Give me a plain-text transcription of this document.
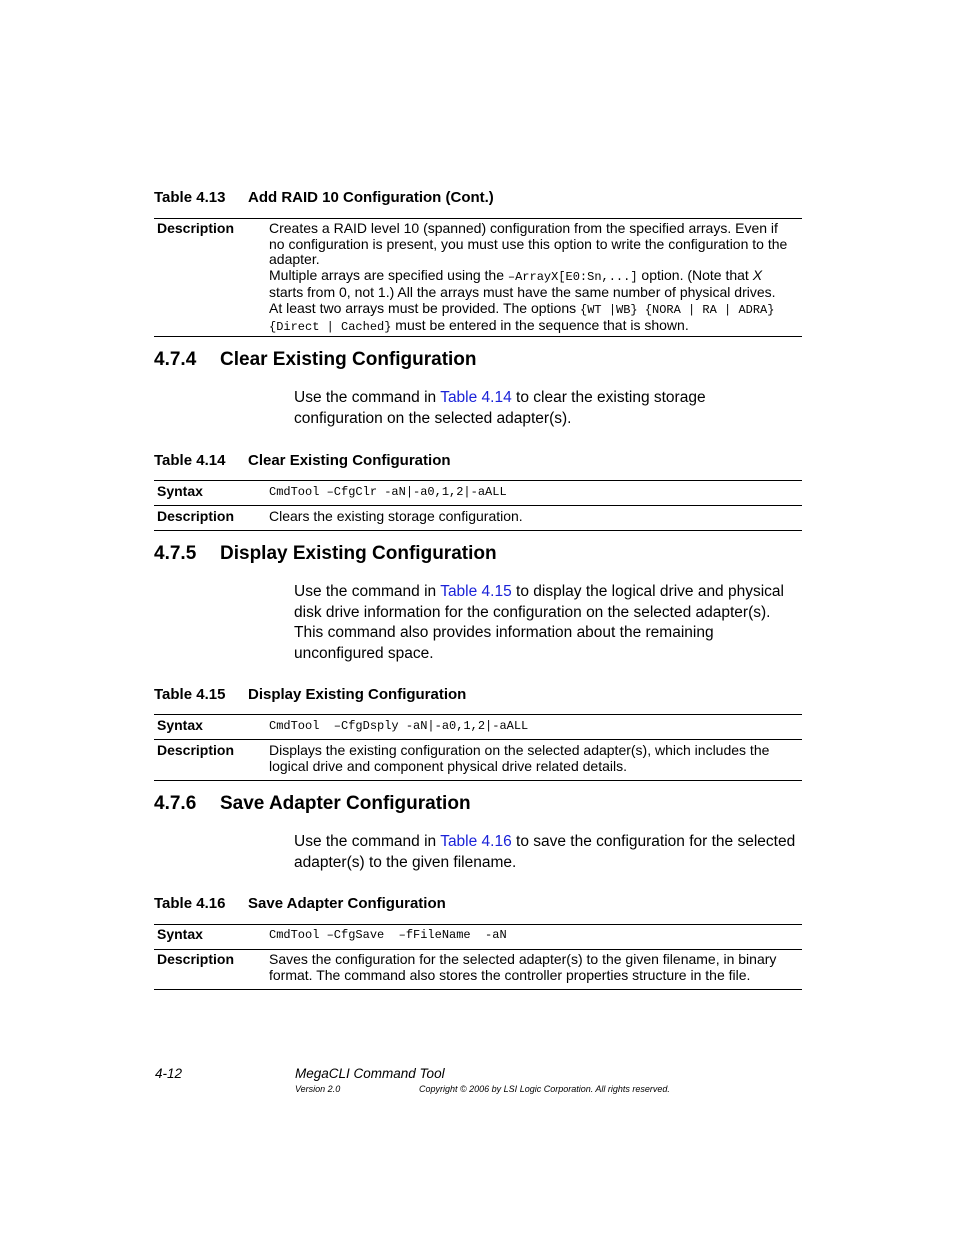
Table 4.13 Add RAID 10 Configuration (Cont.)
Description Creates a RAID level 10 (spanned) configuration from the specified arrays. Even if
no configuration is present, you must use this option to write the configuration to the
adapter.
Multiple arrays are specified using the –ArrayX[E0:Sn,...] option. (Note that X
starts from 0, not 1.) All the arrays must have the same number of physical drives.
At least two arrays must be provided. The options {WT |WB} {NORA | RA | ADRA}
{Direct | Cached} must be entered in the sequence that is shown.
4.7.4 Clear Existing Configuration
Use the command in Table 4.14 to clear the existing storage
configuration on the selected adapter(s).
Table 4.14 Clear Existing Configuration
Syntax	CmdTool –CfgClr -aN|-a0,1,2|-aALL
Description Clears the existing storage configuration.
4.7.5 Display Existing Configuration
Use the command in Table 4.15 to display the logical drive and physical
disk drive information for the configuration on the selected adapter(s).
This command also provides information about the remaining
unconfigured space.
Table 4.15 Display Existing Configuration
Syntax	CmdTool  –CfgDsply -aN|-a0,1,2|-aALL
Description Displays the existing configuration on the selected adapter(s), which includes the
logical drive and component physical drive related details.
4.7.6 Save Adapter Configuration
Use the command in Table 4.16 to save the configuration for the selected
adapter(s) to the given filename.
Table 4.16 Save Adapter Configuration
Syntax	CmdTool –CfgSave  –fFileName  -aN
Description Saves the configuration for the selected adapter(s) to the given filename, in binary
format. The command also stores the controller properties structure in the file.
4-12	MegaCLI Command Tool
Version 2.0	Copyright © 2006 by LSI Logic Corporation. All rights reserved.
